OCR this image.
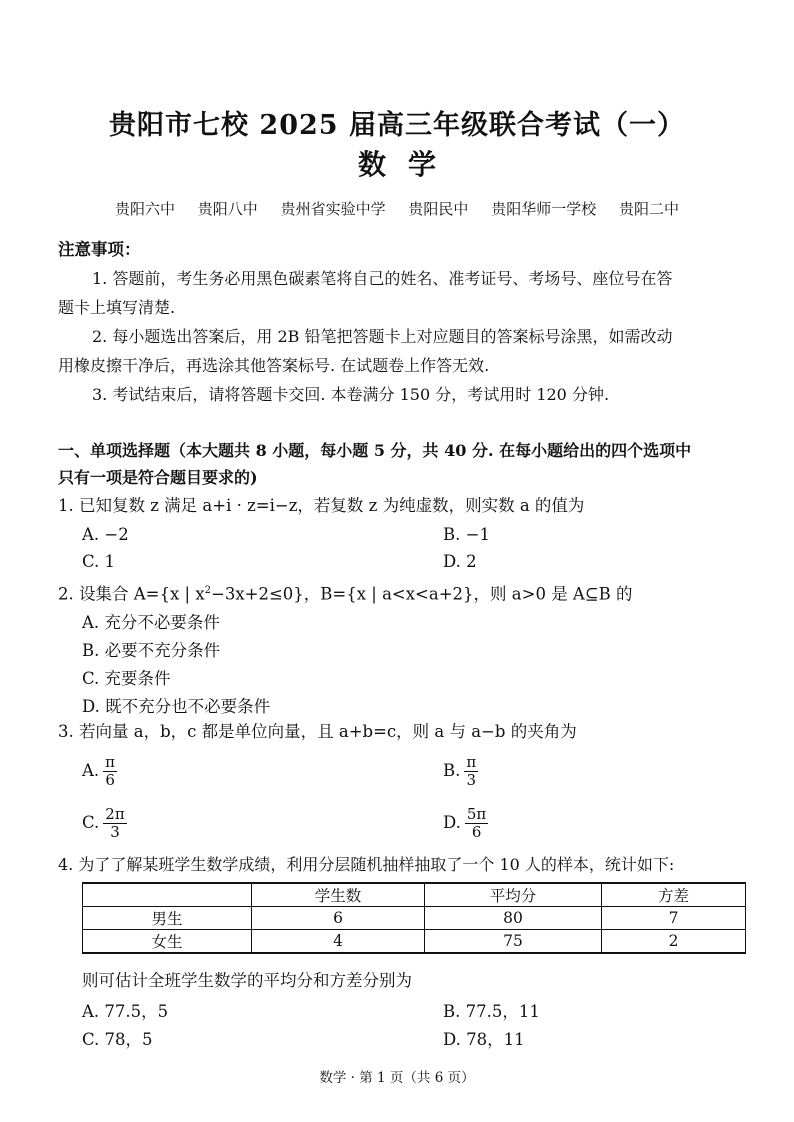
贵阳市七校 2025 届高三年级联合考试（一）
数学
贵阳六中 贵阳八中 贵州省实验中学 贵阳民中 贵阳华师一学校 贵阳二中
注意事项：
1. 答题前，考生务必用黑色碳素笔将自己的姓名、准考证号、考场号、座位号在答
题卡上填写清楚.
2. 每小题选出答案后，用 2B 铅笔把答题卡上对应题目的答案标号涂黑，如需改动
用橡皮擦干净后，再选涂其他答案标号. 在试题卷上作答无效.
3. 考试结束后，请将答题卡交回. 本卷满分 150 分，考试用时 120 分钟.
一、单项选择题（本大题共 8 小题，每小题 5 分，共 40 分. 在每小题给出的四个选项中
只有一项是符合题目要求的)
1. 已知复数 z 满足 a+i · z=i−z，若复数 z 为纯虚数，则实数 a 的值为
A. −2	B. −1
C. 1	D. 2
2. 设集合 A={x | $x^2-3x+2\le 0$}，B={x | a<x<a+2}，则 a>0 是 A⊆B 的
A. 充分不必要条件
B. 必要不充分条件
C. 充要条件
D. 既不充分也不必要条件
3. 若向量 a，b，c 都是单位向量，且 a+b=c，则 a 与 a−b 的夹角为
A. $\frac{\pi}{6}$	B. $\frac{\pi}{3}$
C. $\frac{2\pi}{3}$	D. $\frac{5\pi}{6}$
4. 为了了解某班学生数学成绩，利用分层随机抽样抽取了一个 10 人的样本，统计如下:
	学生数	平均分	方差
男生	6	80	7
女生	4	75	2
则可估计全班学生数学的平均分和方差分别为
A. 77.5，5	B. 77.5，11
C. 78，5	D. 78，11
数学 · 第 1 页（共 6 页）
